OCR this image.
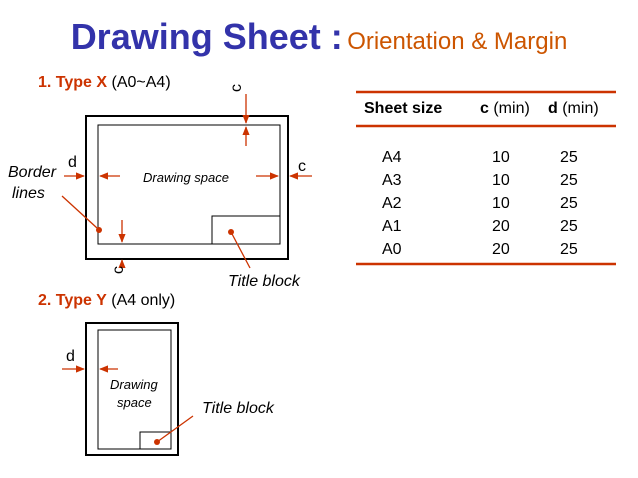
Drawing Sheet : Orientation & Margin
1. Type X (A0~A4)	c
d	c
c
Border
lines
Drawing space
Title block
2. Type Y (A4 only)
d
Drawing
space	Title block
Sheet size c (min) d (min)
A4	10	25
A3	10	25
A2	10	25
A1	20	25
A0	20	25
